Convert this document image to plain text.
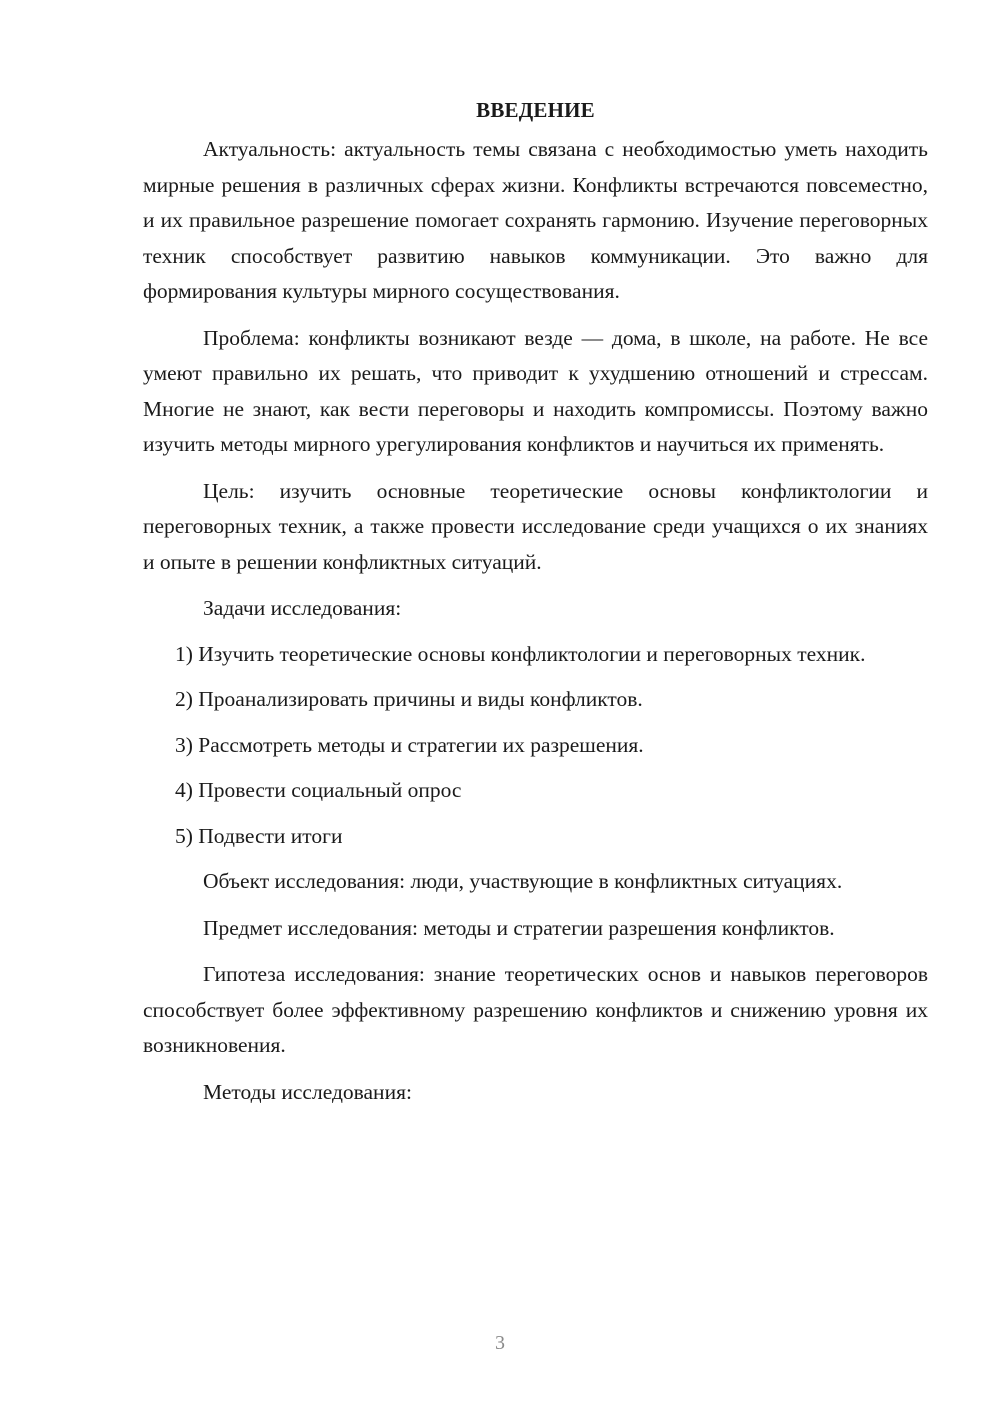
ВВЕДЕНИЕ

Актуальность: актуальность темы связана с необходимостью уметь находить мирные решения в различных сферах жизни. Конфликты встречаются повсеместно, и их правильное разрешение помогает сохранять гармонию. Изучение переговорных техник способствует развитию навыков коммуникации. Это важно для формирования культуры мирного сосуществования.

Проблема: конфликты возникают везде — дома, в школе, на работе. Не все умеют правильно их решать, что приводит к ухудшению отношений и стрессам. Многие не знают, как вести переговоры и находить компромиссы. Поэтому важно изучить методы мирного урегулирования конфликтов и научиться их применять.

Цель: изучить основные теоретические основы конфликтологии и переговорных техник, а также провести исследование среди учащихся о их знаниях и опыте в решении конфликтных ситуаций.

Задачи исследования:

1) Изучить теоретические основы конфликтологии и переговорных техник.

2) Проанализировать причины и виды конфликтов.

3) Рассмотреть методы и стратегии их разрешения.

4) Провести социальный опрос

5) Подвести итоги

Объект исследования: люди, участвующие в конфликтных ситуациях.

Предмет исследования: методы и стратегии разрешения конфликтов.

Гипотеза исследования: знание теоретических основ и навыков переговоров способствует более эффективному разрешению конфликтов и снижению уровня их возникновения.

Методы исследования:

3
